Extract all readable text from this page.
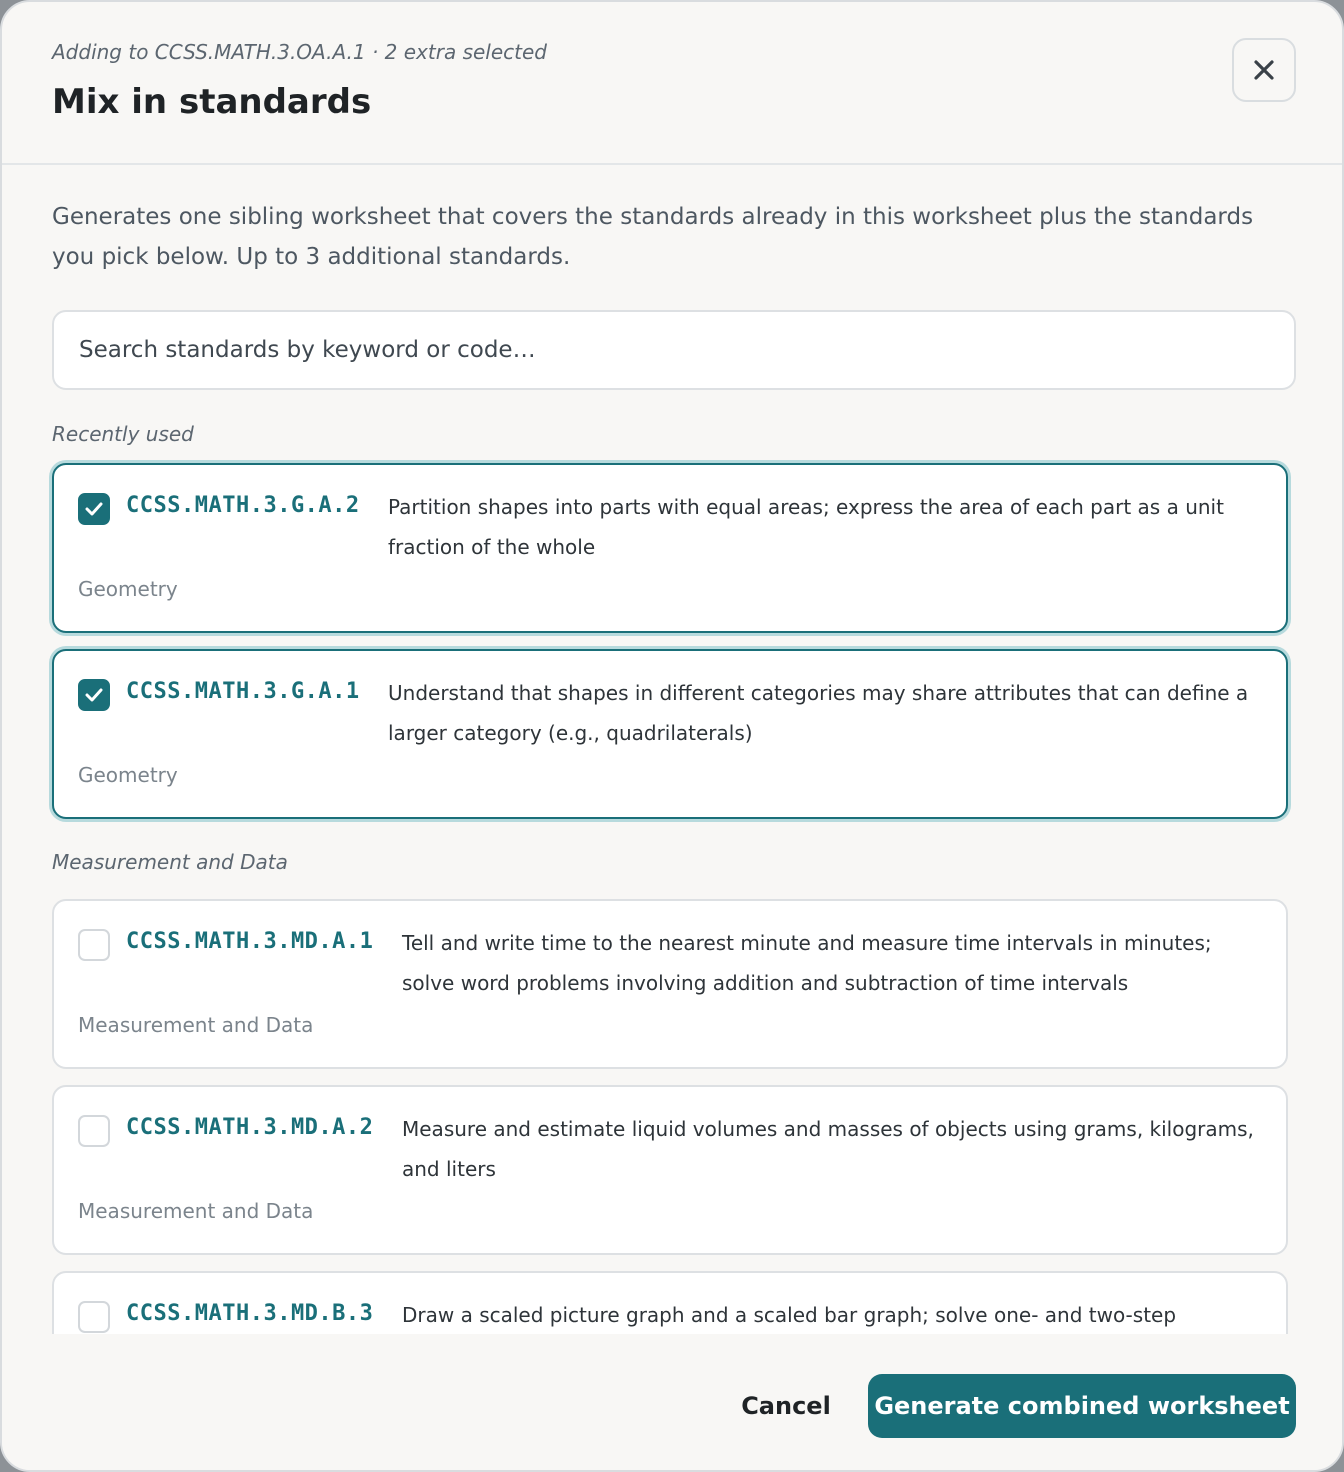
Adding to CCSS.MATH.3.OA.A.1 · 2 extra selected
Mix in standards
Generates one sibling worksheet that covers the standards already in this worksheet plus the standards you pick below. Up to 3 additional standards.
Search standards by keyword or code…
Recently used
CCSS.MATH.3.G.A.2 Partition shapes into parts with equal areas; express the area of each part as a unit fraction of the whole
Geometry
CCSS.MATH.3.G.A.1 Understand that shapes in different categories may share attributes that can define a larger category (e.g., quadrilaterals)
Geometry
Measurement and Data
CCSS.MATH.3.MD.A.1 Tell and write time to the nearest minute and measure time intervals in minutes; solve word problems involving addition and subtraction of time intervals
Measurement and Data
CCSS.MATH.3.MD.A.2 Measure and estimate liquid volumes and masses of objects using grams, kilograms, and liters
Measurement and Data
CCSS.MATH.3.MD.B.3 Draw a scaled picture graph and a scaled bar graph; solve one- and two-step
Cancel	Generate combined worksheet
